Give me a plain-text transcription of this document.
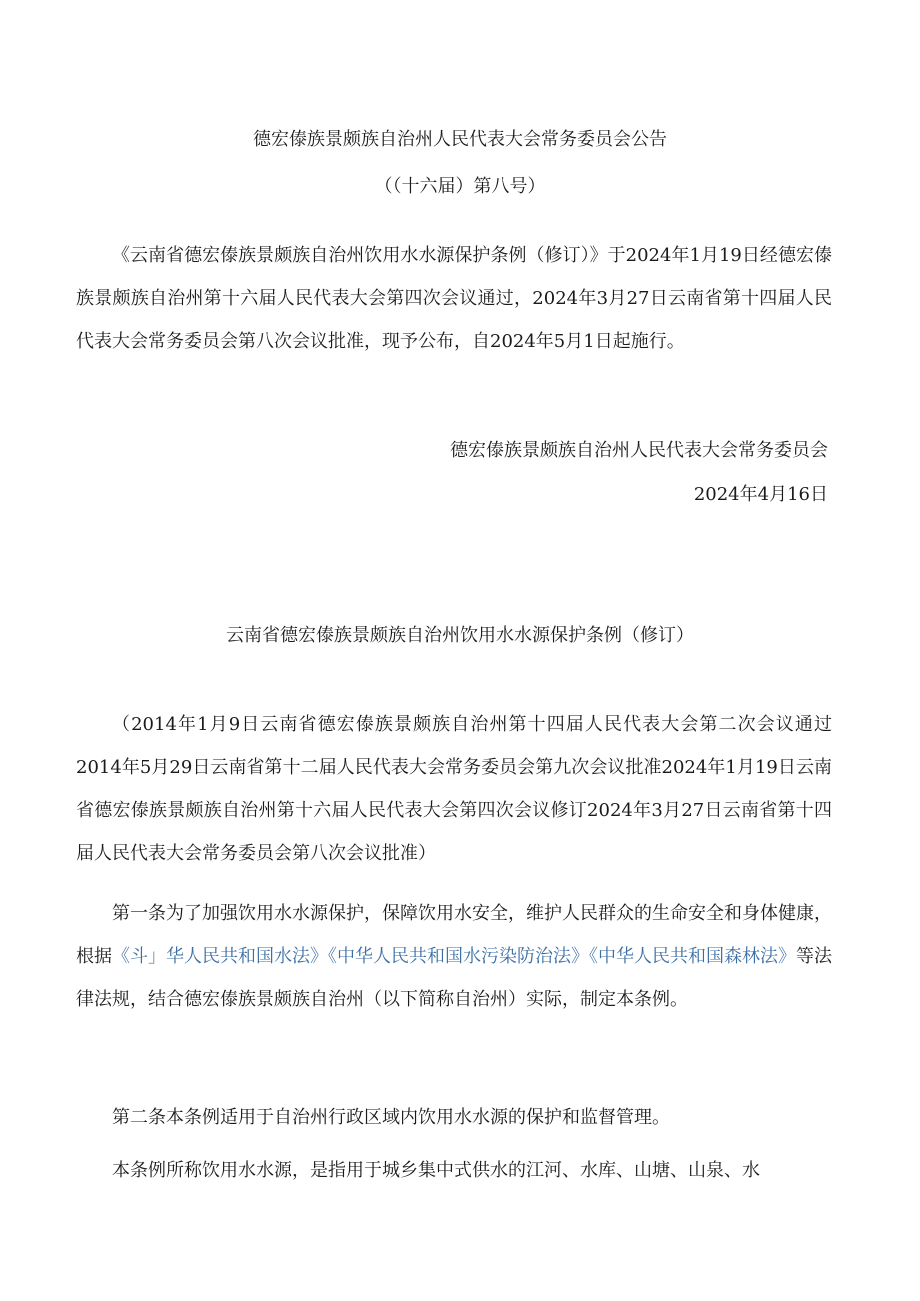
德宏傣族景颇族自治州人民代表大会常务委员会公告
（（十六届）第八号）
《云南省德宏傣族景颇族自治州饮用水水源保护条例（修订）》于2024年1月19日经德宏傣族景颇族自治州第十六届人民代表大会第四次会议通过，2024年3月27日云南省第十四届人民代表大会常务委员会第八次会议批准，现予公布，自2024年5月1日起施行。
德宏傣族景颇族自治州人民代表大会常务委员会
2024年4月16日
云南省德宏傣族景颇族自治州饮用水水源保护条例（修订）
（2014年1月9日云南省德宏傣族景颇族自治州第十四届人民代表大会第二次会议通过2014年5月29日云南省第十二届人民代表大会常务委员会第九次会议批准2024年1月19日云南省德宏傣族景颇族自治州第十六届人民代表大会第四次会议修订2024年3月27日云南省第十四届人民代表大会常务委员会第八次会议批准）
第一条为了加强饮用水水源保护，保障饮用水安全，维护人民群众的生命安全和身体健康，根据《斗」华人民共和国水法》《中华人民共和国水污染防治法》《中华人民共和国森林法》等法律法规，结合德宏傣族景颇族自治州（以下简称自治州）实际，制定本条例。
第二条本条例适用于自治州行政区域内饮用水水源的保护和监督管理。
本条例所称饮用水水源，是指用于城乡集中式供水的江河、水库、山塘、山泉、水
